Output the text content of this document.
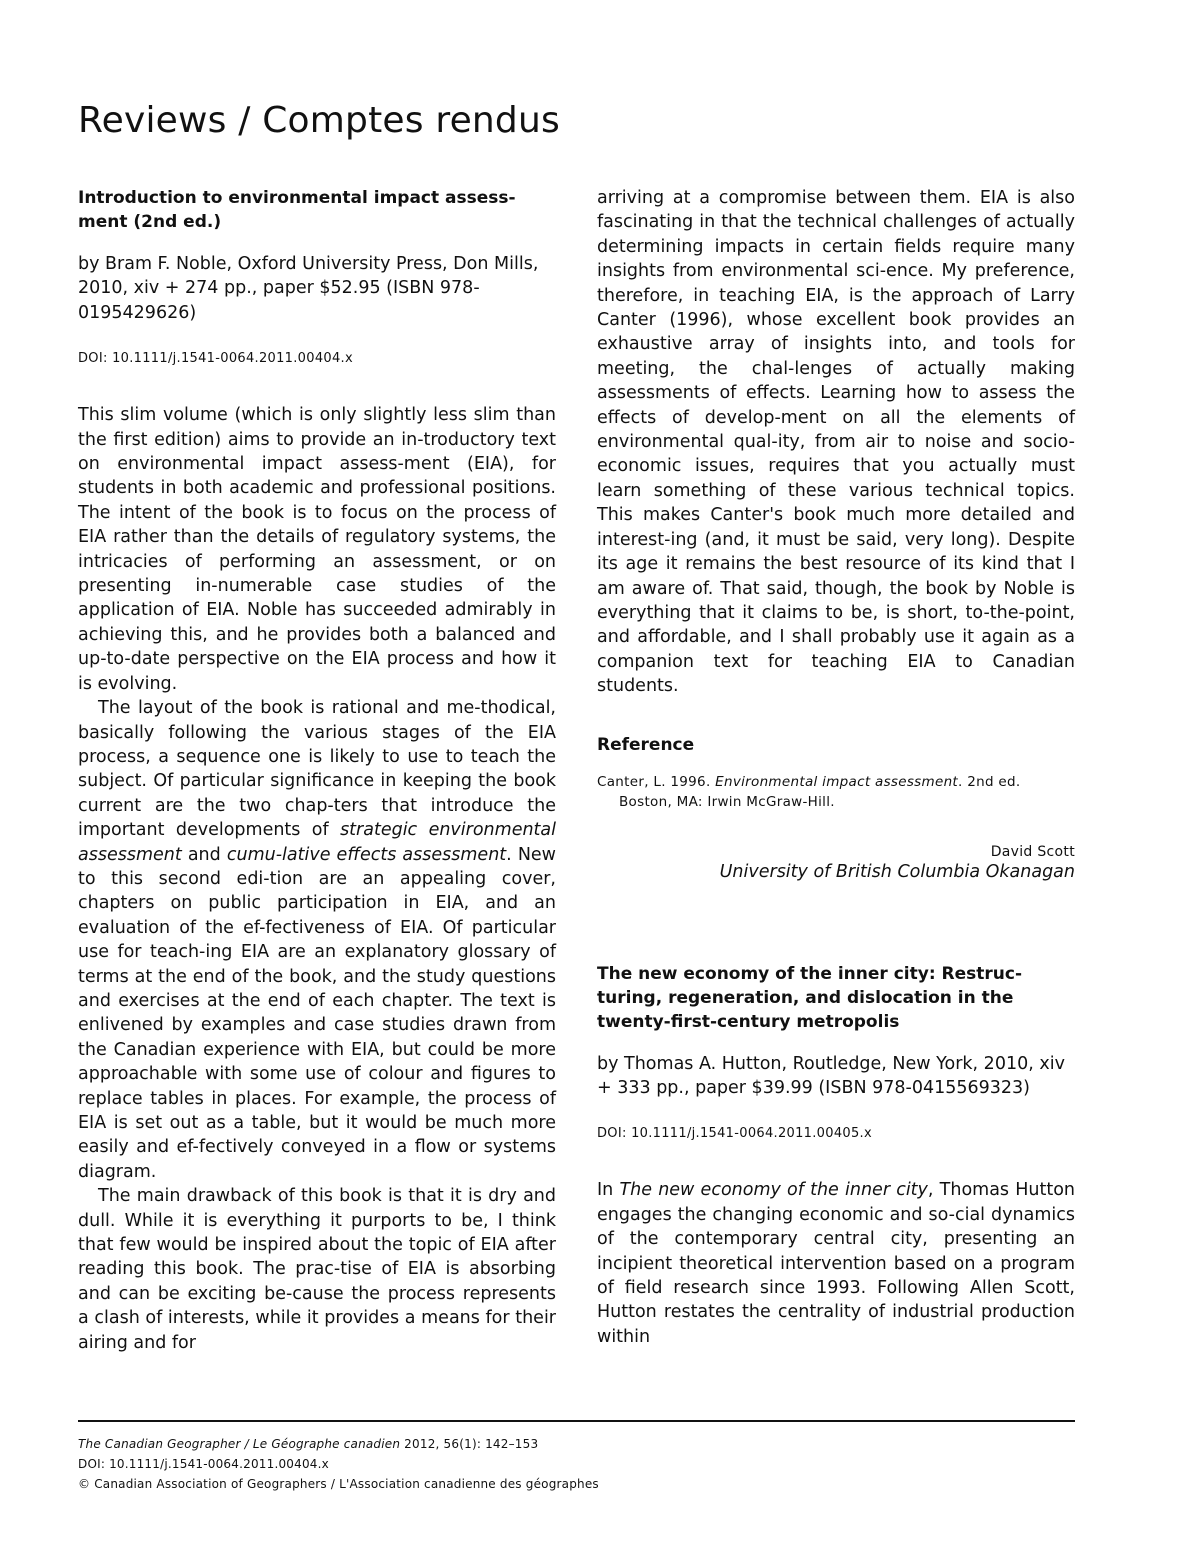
Reviews / Comptes rendus

Introduction to environmental impact assess-ment (2nd ed.)

by Bram F. Noble, Oxford University Press, Don Mills, 2010, xiv + 274 pp., paper $52.95 (ISBN 978-0195429626)

DOI: 10.1111/j.1541-0064.2011.00404.x

This slim volume (which is only slightly less slim than the first edition) aims to provide an in-troductory text on environmental impact assess-ment (EIA), for students in both academic and professional positions. The intent of the book is to focus on the process of EIA rather than the details of regulatory systems, the intricacies of performing an assessment, or on presenting in-numerable case studies of the application of EIA. Noble has succeeded admirably in achieving this, and he provides both a balanced and up-to-date perspective on the EIA process and how it is evolving.

The layout of the book is rational and me-thodical, basically following the various stages of the EIA process, a sequence one is likely to use to teach the subject. Of particular significance in keeping the book current are the two chap-ters that introduce the important developments of strategic environmental assessment and cumu-lative effects assessment. New to this second edi-tion are an appealing cover, chapters on public participation in EIA, and an evaluation of the ef-fectiveness of EIA. Of particular use for teach-ing EIA are an explanatory glossary of terms at the end of the book, and the study questions and exercises at the end of each chapter. The text is enlivened by examples and case studies drawn from the Canadian experience with EIA, but could be more approachable with some use of colour and figures to replace tables in places. For example, the process of EIA is set out as a table, but it would be much more easily and ef-fectively conveyed in a flow or systems diagram.

The main drawback of this book is that it is dry and dull. While it is everything it purports to be, I think that few would be inspired about the topic of EIA after reading this book. The prac-tise of EIA is absorbing and can be exciting be-cause the process represents a clash of interests, while it provides a means for their airing and for

arriving at a compromise between them. EIA is also fascinating in that the technical challenges of actually determining impacts in certain fields require many insights from environmental sci-ence. My preference, therefore, in teaching EIA, is the approach of Larry Canter (1996), whose excellent book provides an exhaustive array of insights into, and tools for meeting, the chal-lenges of actually making assessments of effects. Learning how to assess the effects of develop-ment on all the elements of environmental qual-ity, from air to noise and socio-economic issues, requires that you actually must learn something of these various technical topics. This makes Canter's book much more detailed and interest-ing (and, it must be said, very long). Despite its age it remains the best resource of its kind that I am aware of. That said, though, the book by Noble is everything that it claims to be, is short, to-the-point, and affordable, and I shall probably use it again as a companion text for teaching EIA to Canadian students.

Reference

Canter, L. 1996. Environmental impact assessment. 2nd ed. Boston, MA: Irwin McGraw-Hill.

David Scott

University of British Columbia Okanagan

The new economy of the inner city: Restruc-turing, regeneration, and dislocation in the twenty-first-century metropolis

by Thomas A. Hutton, Routledge, New York, 2010, xiv + 333 pp., paper $39.99 (ISBN 978-0415569323)

DOI: 10.1111/j.1541-0064.2011.00405.x

In The new economy of the inner city, Thomas Hutton engages the changing economic and so-cial dynamics of the contemporary central city, presenting an incipient theoretical intervention based on a program of field research since 1993. Following Allen Scott, Hutton restates the centrality of industrial production within

The Canadian Geographer / Le Géographe canadien 2012, 56(1): 142–153

DOI: 10.1111/j.1541-0064.2011.00404.x

© Canadian Association of Geographers / L'Association canadienne des géographes
